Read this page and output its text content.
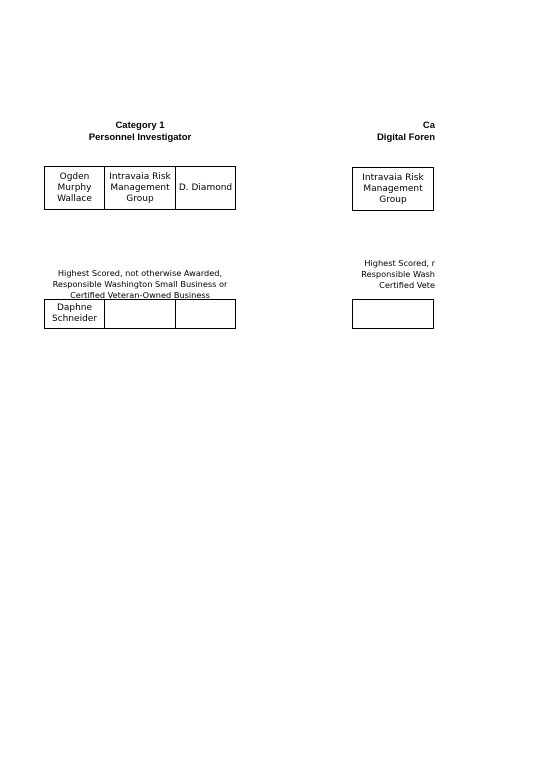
Category 1
Personnel Investigator
Ogden Murphy Wallace
Intravaia Risk Management Group
D. Diamond
Highest Scored, not otherwise Awarded,
Responsible Washington Small Business or
Certified Veteran-Owned Business
Daphne Schneider
Ca
Digital Foren
Intravaia Risk Management Group
Highest Scored, r
Responsible Wash
Certified Vete
